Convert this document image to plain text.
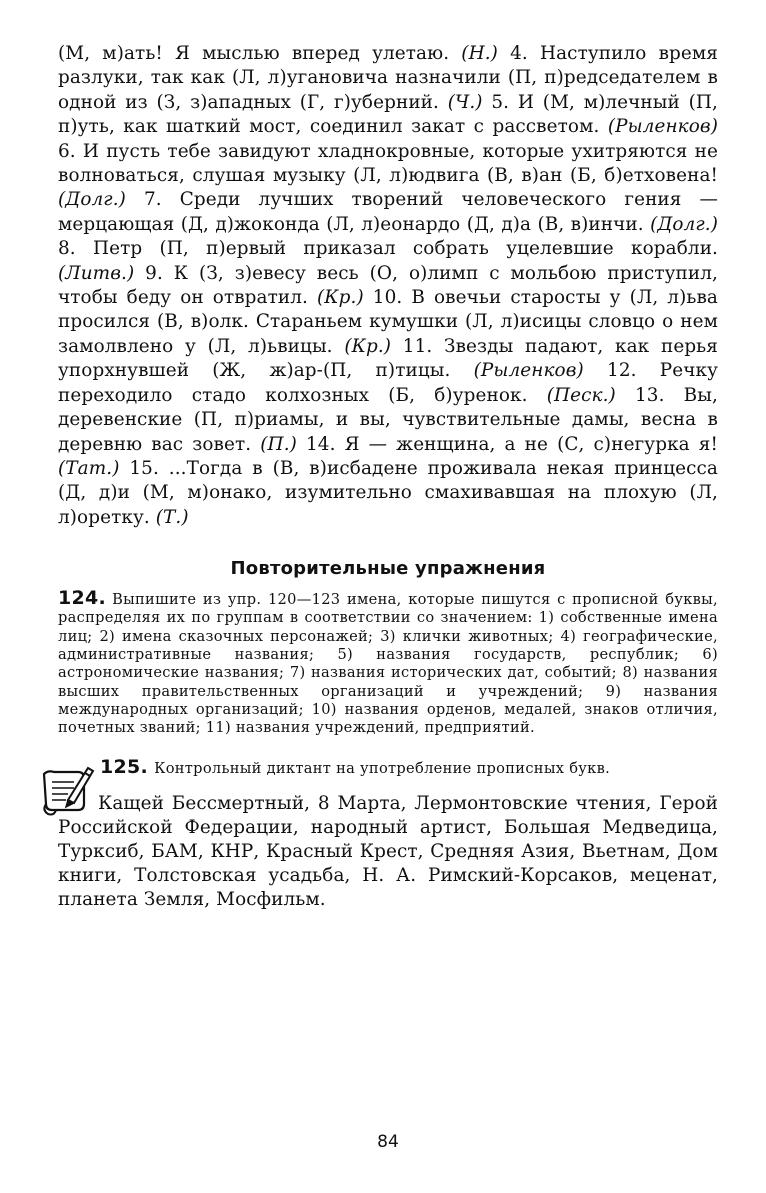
(М, м)ать! Я мыслью вперед улетаю. (Н.) 4. Наступило время разлуки, так как (Л, л)угановича назначили (П, п)редседателем в одной из (З, з)ападных (Г, г)уберний. (Ч.) 5. И (М, м)лечный (П, п)уть, как шаткий мост, соединил закат с рассветом. (Рыленков) 6. И пусть тебе завидуют хладнокровные, которые ухитряются не волноваться, слушая музыку (Л, л)юдвига (В, в)ан (Б, б)етховена! (Долг.) 7. Среди лучших творений человеческого гения — мерцающая (Д, д)жоконда (Л, л)еонардо (Д, д)а (В, в)инчи. (Долг.) 8. Петр (П, п)ервый приказал собрать уцелевшие корабли. (Литв.) 9. К (З, з)евесу весь (О, о)лимп с мольбою приступил, чтобы беду он отвратил. (Кр.) 10. В овечьи старосты у (Л, л)ьва просился (В, в)олк. Стараньем кумушки (Л, л)исицы словцо о нем замолвлено у (Л, л)ьвицы. (Кр.) 11. Звезды падают, как перья упорхнувшей (Ж, ж)ар-(П, п)тицы. (Рыленков) 12. Речку переходило стадо колхозных (Б, б)уренок. (Песк.) 13. Вы, деревенские (П, п)риамы, и вы, чувствительные дамы, весна в деревню вас зовет. (П.) 14. Я — женщина, а не (С, с)негурка я! (Тат.) 15. ...Тогда в (В, в)исбадене проживала некая принцесса (Д, д)и (М, м)онако, изумительно смахивавшая на плохую (Л, л)оретку. (Т.)

Повторительные упражнения

124. Выпишите из упр. 120—123 имена, которые пишутся с прописной буквы, распределяя их по группам в соответствии со значением: 1) собственные имена лиц; 2) имена сказочных персонажей; 3) клички животных; 4) географические, административные названия; 5) названия государств, республик; 6) астрономические названия; 7) названия исторических дат, событий; 8) названия высших правительственных организаций и учреждений; 9) названия международных организаций; 10) названия орденов, медалей, знаков отличия, почетных званий; 11) названия учреждений, предприятий.

125. Контрольный диктант на употребление прописных букв.

Кащей Бессмертный, 8 Марта, Лермонтовские чтения, Герой Российской Федерации, народный артист, Большая Медведица, Турксиб, БАМ, КНР, Красный Крест, Средняя Азия, Вьетнам, Дом книги, Толстовская усадьба, Н. А. Римский-Корсаков, меценат, планета Земля, Мосфильм.

84
